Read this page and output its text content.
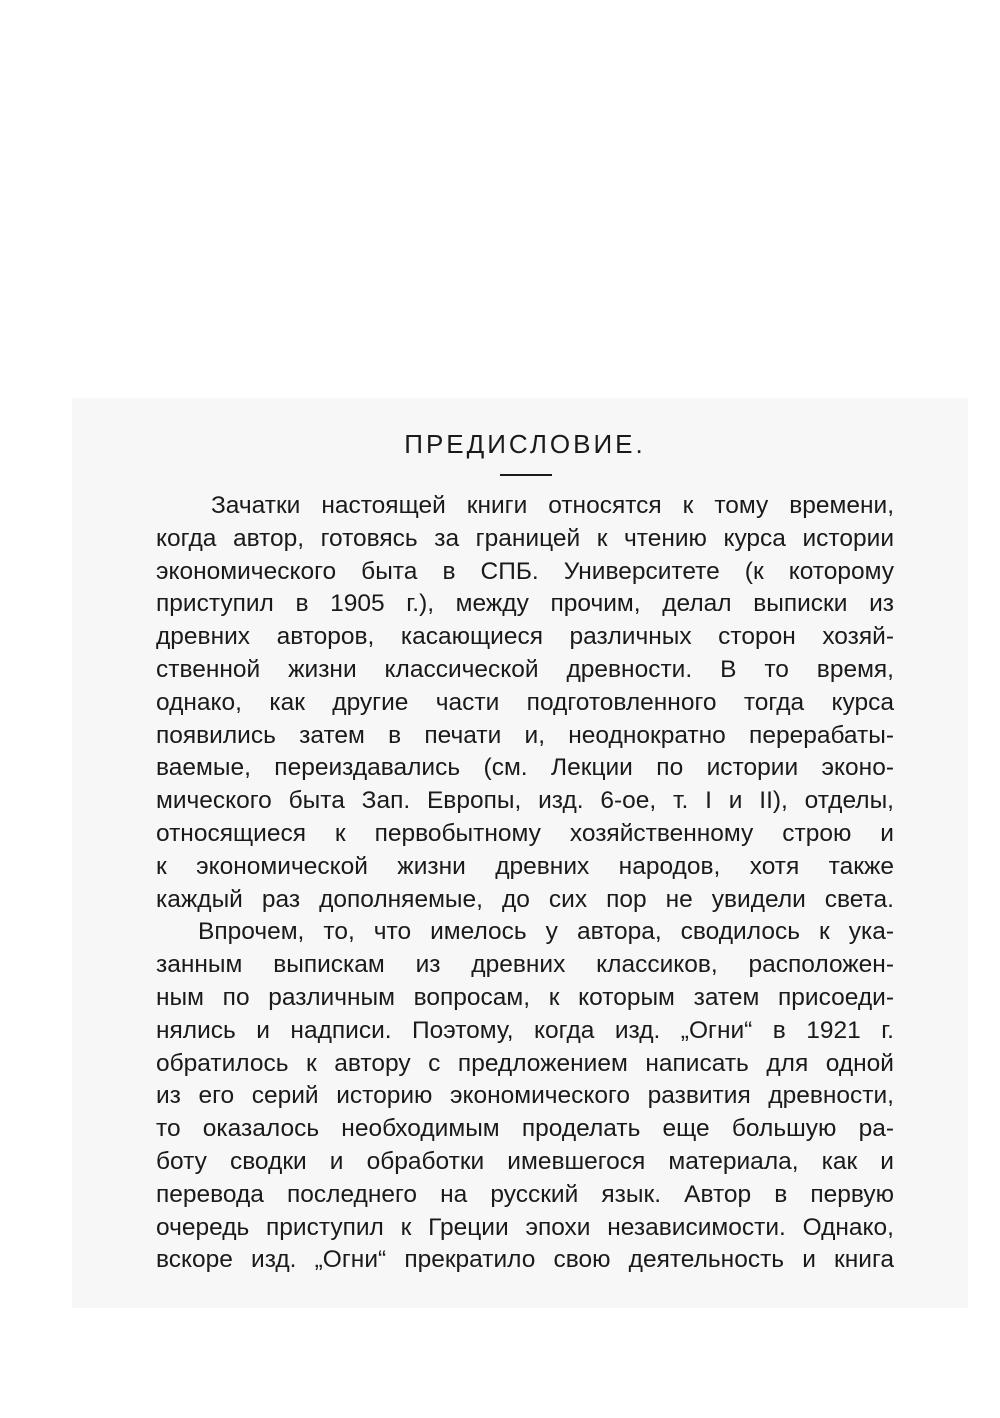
ПРЕДИСЛОВИЕ.
Зачатки настоящей книги относятся к тому времени,
когда автор, готовясь за границей к чтению курса истории
экономического быта в СПБ. Университете (к которому
приступил в 1905 г.), между прочим, делал выписки из
древних авторов, касающиеся различных сторон хозяй-
ственной жизни классической древности. В то время,
однако, как другие части подготовленного тогда курса
появились затем в печати и, неоднократно перерабаты-
ваемые, переиздавались (см. Лекции по истории эконо-
мического быта Зап. Европы, изд. 6-ое, т. I и II), отделы,
относящиеся к первобытному хозяйственному строю и
к экономической жизни древних народов, хотя также
каждый раз дополняемые, до сих пор не увидели света.
Впрочем, то, что имелось у автора, сводилось к ука-
занным выпискам из древних классиков, расположен-
ным по различным вопросам, к которым затем присоеди-
нялись и надписи. Поэтому, когда изд. „Огни“ в 1921 г.
обратилось к автору с предложением написать для одной
из его серий историю экономического развития древности,
то оказалось необходимым проделать еще большую ра-
боту сводки и обработки имевшегося материала, как и
перевода последнего на русский язык. Автор в первую
очередь приступил к Греции эпохи независимости. Однако,
вскоре изд. „Огни“ прекратило свою деятельность и книга
